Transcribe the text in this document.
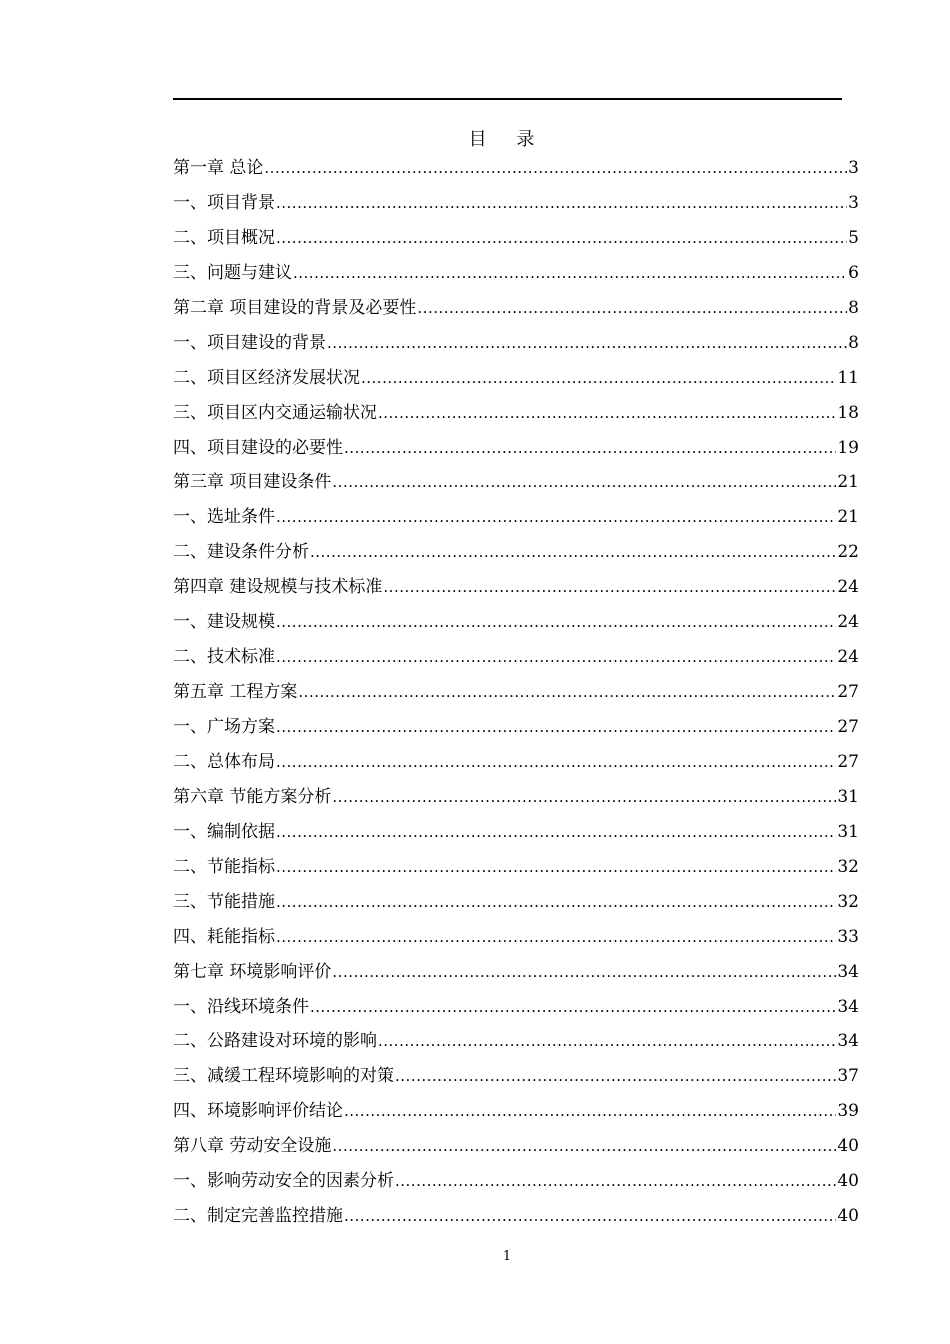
目 录
第一章 总论 .....	3
一、项目背景 .....	3
二、项目概况 .....	5
三、问题与建议 .....	6
第二章 项目建设的背景及必要性 .....	8
一、项目建设的背景 .....	8
二、项目区经济发展状况 .....	11
三、项目区内交通运输状况 .....	18
四、项目建设的必要性 .....	19
第三章 项目建设条件 .....	21
一、选址条件 .....	21
二、建设条件分析 .....	22
第四章 建设规模与技术标准 .....	24
一、建设规模 .....	24
二、技术标准 .....	24
第五章 工程方案 .....	27
一、广场方案 .....	27
二、总体布局 .....	27
第六章 节能方案分析 .....	31
一、编制依据 .....	31
二、节能指标 .....	32
三、节能措施 .....	32
四、耗能指标 .....	33
第七章 环境影响评价 .....	34
一、沿线环境条件 .....	34
二、公路建设对环境的影响 .....	34
三、减缓工程环境影响的对策 .....	37
四、环境影响评价结论 .....	39
第八章 劳动安全设施 .....	40
一、影响劳动安全的因素分析 .....	40
二、制定完善监控措施 .....	40
1
